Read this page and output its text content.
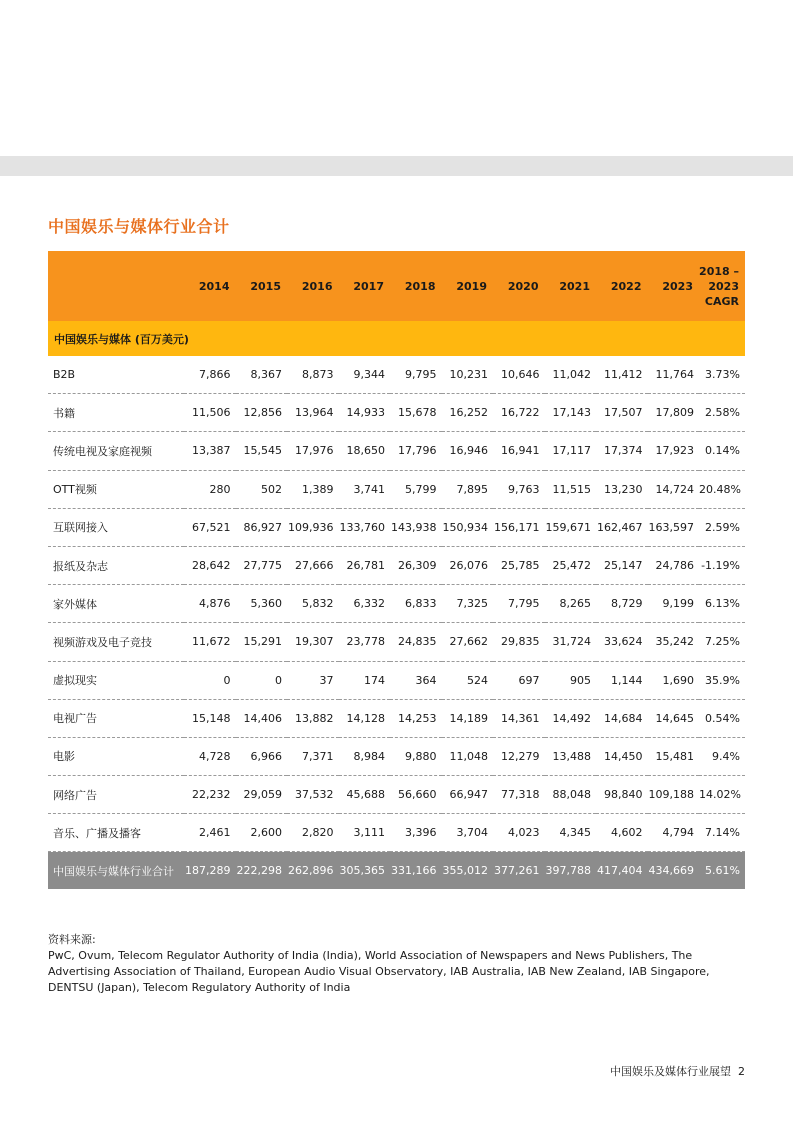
中国娱乐与媒体行业合计
	2014	2015	2016	2017	2018	2019	2020	2021	2022	2023	2018 –
2023
CAGR
中国娱乐与媒体 (百万美元)											
B2B	7,866	8,367	8,873	9,344	9,795	10,231	10,646	11,042	11,412	11,764	3.73%
书籍	11,506	12,856	13,964	14,933	15,678	16,252	16,722	17,143	17,507	17,809	2.58%
传统电视及家庭视频	13,387	15,545	17,976	18,650	17,796	16,946	16,941	17,117	17,374	17,923	0.14%
OTT视频	280	502	1,389	3,741	5,799	7,895	9,763	11,515	13,230	14,724	20.48%
互联网接入	67,521	86,927	109,936	133,760	143,938	150,934	156,171	159,671	162,467	163,597	2.59%
报纸及杂志	28,642	27,775	27,666	26,781	26,309	26,076	25,785	25,472	25,147	24,786	-1.19%
家外媒体	4,876	5,360	5,832	6,332	6,833	7,325	7,795	8,265	8,729	9,199	6.13%
视频游戏及电子竞技	11,672	15,291	19,307	23,778	24,835	27,662	29,835	31,724	33,624	35,242	7.25%
虚拟现实	0	0	37	174	364	524	697	905	1,144	1,690	35.9%
电视广告	15,148	14,406	13,882	14,128	14,253	14,189	14,361	14,492	14,684	14,645	0.54%
电影	4,728	6,966	7,371	8,984	9,880	11,048	12,279	13,488	14,450	15,481	9.4%
网络广告	22,232	29,059	37,532	45,688	56,660	66,947	77,318	88,048	98,840	109,188	14.02%
音乐、广播及播客	2,461	2,600	2,820	3,111	3,396	3,704	4,023	4,345	4,602	4,794	7.14%
中国娱乐与媒体行业合计	187,289	222,298	262,896	305,365	331,166	355,012	377,261	397,788	417,404	434,669	5.61%
资料来源:
PwC, Ovum, Telecom Regulator Authority of India (India), World Association of Newspapers and News Publishers, The Advertising Association of Thailand, European Audio Visual Observatory, IAB Australia, IAB New Zealand, IAB Singapore, DENTSU (Japan), Telecom Regulatory Authority of India
中国娱乐及媒体行业展望 2
